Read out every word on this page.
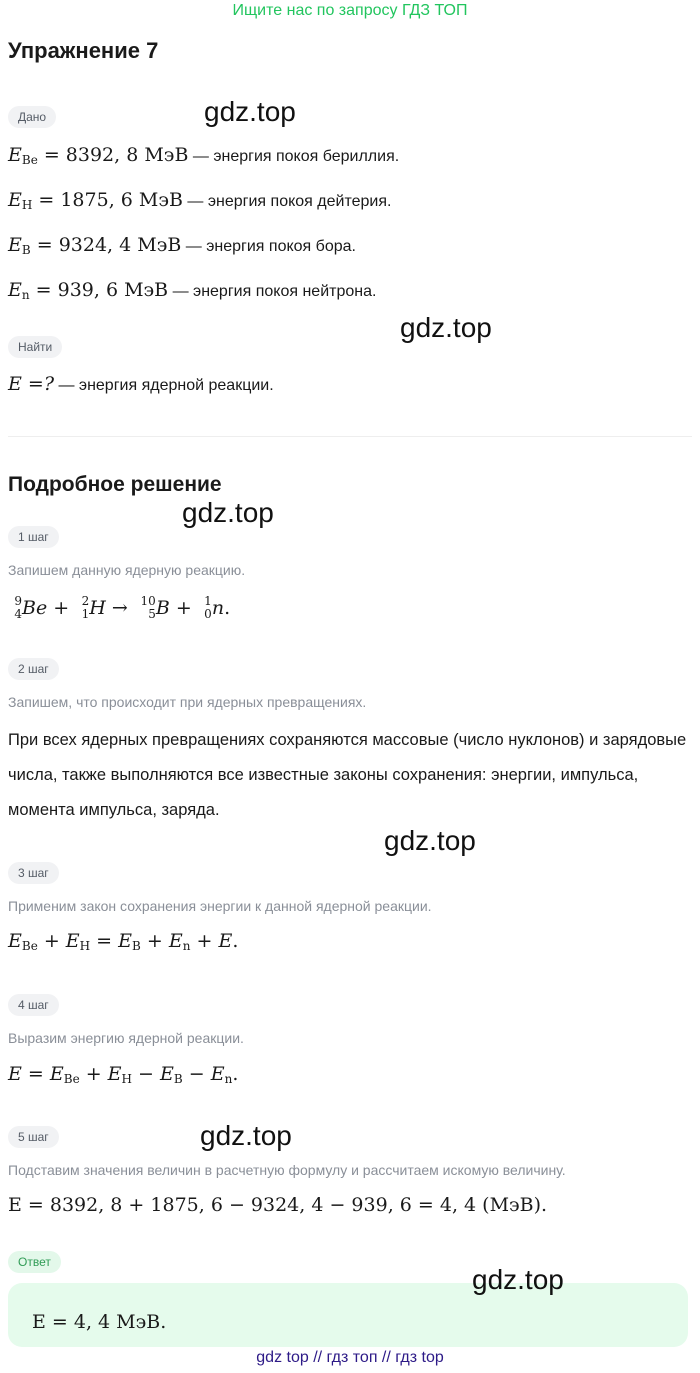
Ищите нас по запросу ГДЗ ТОП
Упражнение 7
Дано	gdz.top
$E_{Be} = 8392$, 8 МэВ — энергия покоя бериллия.
$E_H = 1875$, 6 МэВ — энергия покоя дейтерия.
$E_B = 9324$, 4 МэВ — энергия покоя бора.
$E_n = 939$, 6 МэВ — энергия покоя нейтрона.
Найти
gdz.top
E =? — энергия ядерной реакции.
Подробное решение
gdz.top
1 шаг
Запишем данную ядерную реакцию.
9
4 Be + 2
1 H → 10
5 B + 1
0 n.
2 шаг
Запишем, что происходит при ядерных превращениях.
При всех ядерных превращениях сохраняются массовые (число нуклонов) и зарядовые числа, также выполняются все известные законы сохранения: энергии, импульса, момента импульса, заряда.
gdz.top
3 шаг
Применим закон сохранения энергии к данной ядерной реакции.
$E_{Be} + E_H = E_B + E_n + E$.
4 шаг
Выразим энергию ядерной реакции.
$E = E_{Be} + E_H - E_B - E_n$.
5 шаг	gdz.top
Подставим значения величин в расчетную формулу и рассчитаем искомую величину.
E = 8392, 8 + 1875, 6 − 9324, 4 − 939, 6 = 4, 4 (МэВ).
Ответ
gdz.top
E = 4, 4 МэВ.
gdz top // гдз топ // гдз top
